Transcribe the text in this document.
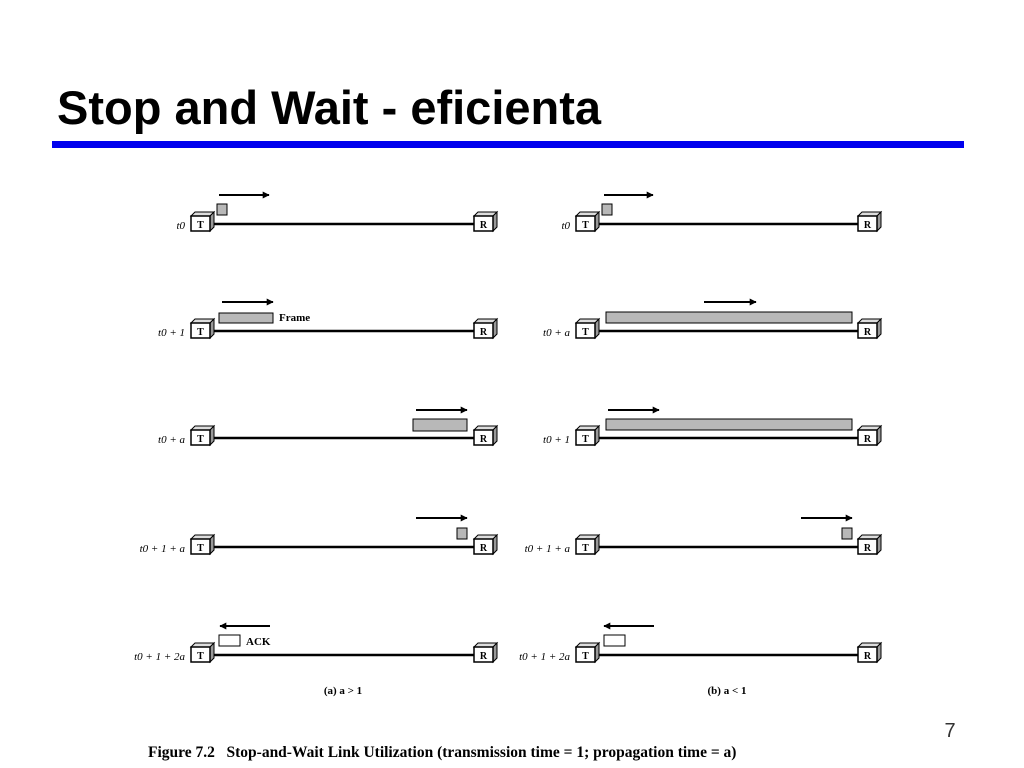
Stop and Wait - eficienta
t0 T	R
t0 + 1 T	R
Frame
t0 + a T	R
t0 + 1 + a T	R
t0 + 1 + 2a T	R
ACK
(a) a > 1
t0 T	R
t0 + a T	R
t0 + 1 T	R
t0 + 1 + a T	R
t0 + 1 + 2a T	R
(b) a < 1
Figure 7.2   Stop-and-Wait Link Utilization (transmission time = 1; propagation time = a)
7
